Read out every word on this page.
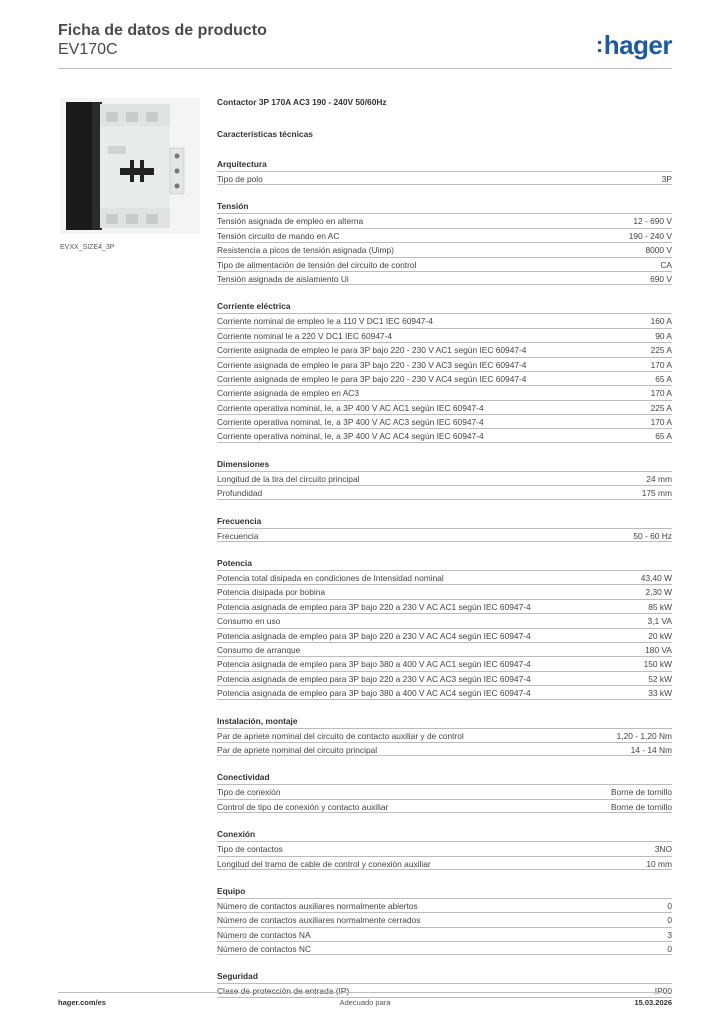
Ficha de datos de producto
EV170C	:hager
EVXX_SIZE4_3P
Contactor 3P 170A AC3 190 - 240V 50/60Hz
Características técnicas
Arquitectura
Tipo de polo	3P
Tensión
Tensión asignada de empleo en alterna	12 - 690 V
Tensión circuito de mando en AC	190 - 240 V
Resistencia a picos de tensión asignada (Uimp)	8000 V
Tipo de alimentación de tensión del circuito de control	CA
Tensión asignada de aislamiento Ui	690 V
Corriente eléctrica
Corriente nominal de empleo Ie a 110 V DC1 IEC 60947-4	160 A
Corriente nominal Ie a 220 V DC1 IEC 60947-4	90 A
Corriente asignada de empleo Ie para 3P bajo 220 - 230 V AC1 según IEC 60947-4	225 A
Corriente asignada de empleo Ie para 3P bajo 220 - 230 V AC3 según IEC 60947-4	170 A
Corriente asignada de empleo Ie para 3P bajo 220 - 230 V AC4 según IEC 60947-4	65 A
Corriente asignada de empleo en AC3	170 A
Corriente operativa nominal, Ie, a 3P 400 V AC AC1 según IEC 60947-4	225 A
Corriente operativa nominal, Ie, a 3P 400 V AC AC3 según IEC 60947-4	170 A
Corriente operativa nominal, Ie, a 3P 400 V AC AC4 según IEC 60947-4	65 A
Dimensiones
Longitud de la tira del circuito principal	24 mm
Profundidad	175 mm
Frecuencia
Frecuencia	50 - 60 Hz
Potencia
Potencia total disipada en condiciones de Intensidad nominal	43,40 W
Potencia disipada por bobina	2,30 W
Potencia asignada de empleo para 3P bajo 220 a 230 V AC AC1 según IEC 60947-4	85 kW
Consumo en uso	3,1 VA
Potencia asignada de empleo para 3P bajo 220 a 230 V AC AC4 según IEC 60947-4	20 kW
Consumo de arranque	180 VA
Potencia asignada de empleo para 3P bajo 380 a 400 V AC AC1 según IEC 60947-4	150 kW
Potencia asignada de empleo para 3P bajo 220 a 230 V AC AC3 según IEC 60947-4	52 kW
Potencia asignada de empleo para 3P bajo 380 a 400 V AC AC4 según IEC 60947-4	33 kW
Instalación, montaje
Par de apriete nominal del circuito de contacto auxiliar y de control	1,20 - 1,20 Nm
Par de apriete nominal del circuito principal	14 - 14 Nm
Conectividad
Tipo de conexión	Borne de tornillo
Control de tipo de conexión y contacto auxiliar	Borne de tornillo
Conexión
Tipo de contactos	3NO
Longitud del tramo de cable de control y conexión auxiliar	10 mm
Equipo
Número de contactos auxiliares normalmente abiertos	0
Número de contactos auxiliares normalmente cerrados	0
Número de contactos NA	3
Número de contactos NC	0
Seguridad
Clase de protección de entrada (IP)	IP00
hager.com/es	Adecuado para	15.03.2026
